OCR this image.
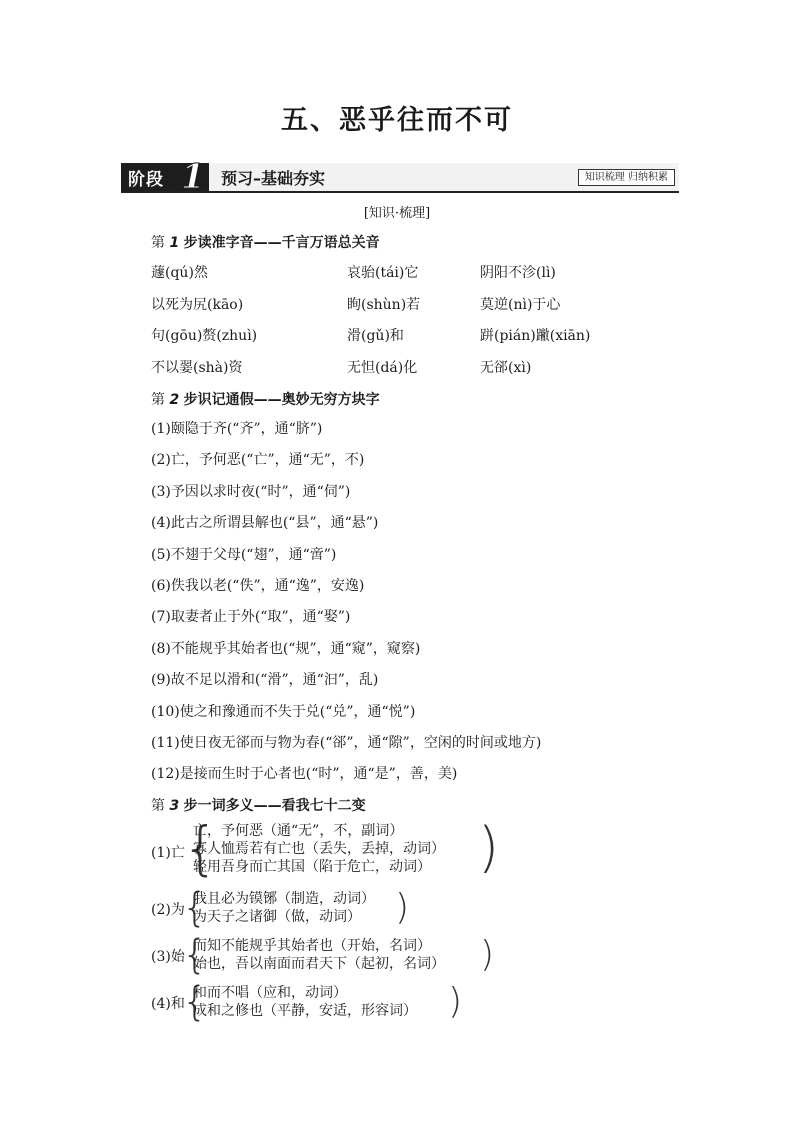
五、恶乎往而不可
阶段 1 预习–基础夯实	知识梳理 归纳积累
[知识·梳理]
第 1 步读准字音——千言万语总关音
蘧(qú)然	哀骀(tái)它	阴阳不沴(lì)
以死为尻(kāo)	眴(shùn)若	莫逆(nì)于心
句(gōu)赘(zhuì)	滑(gǔ)和	跰(pián)䠥(xiān)
不以翣(shà)资	无怛(dá)化	无郤(xì)
第 2 步识记通假——奥妙无穷方块字
(1)颐隐于齐(“齐”，通“脐”)
(2)亡，予何恶(“亡”，通“无”，不)
(3)予因以求时夜(“时”，通“伺”)
(4)此古之所谓县解也(“县”，通“悬”)
(5)不翅于父母(“翅”，通“啻”)
(6)佚我以老(“佚”，通“逸”，安逸)
(7)取妻者止于外(“取”，通“娶”)
(8)不能规乎其始者也(“规”，通“窥”，窥察)
(9)故不足以滑和(“滑”，通“汩”，乱)
(10)使之和豫通而不失于兑(“兑”，通“悦”)
(11)使日夜无郤而与物为春(“郤”，通“隙”，空闲的时间或地方)
(12)是接而生时于心者也(“时”，通“是”，善，美)
第 3 步一词多义——看我七十二变
(1)亡
{
亡，予何恶（通“无”，不，副词）
寡人恤焉若有亡也（丢失，丢掉，动词）
轻用吾身而亡其国（陷于危亡，动词） )
(2)为
{
我且必为镆铘（制造，动词）
为天子之诸御（做，动词） )
(3)始
{
而知不能规乎其始者也（开始，名词）
始也，吾以南面而君天下（起初，名词） )
(4)和
{
和而不唱（应和，动词）
成和之修也（平静，安适，形容词） )
